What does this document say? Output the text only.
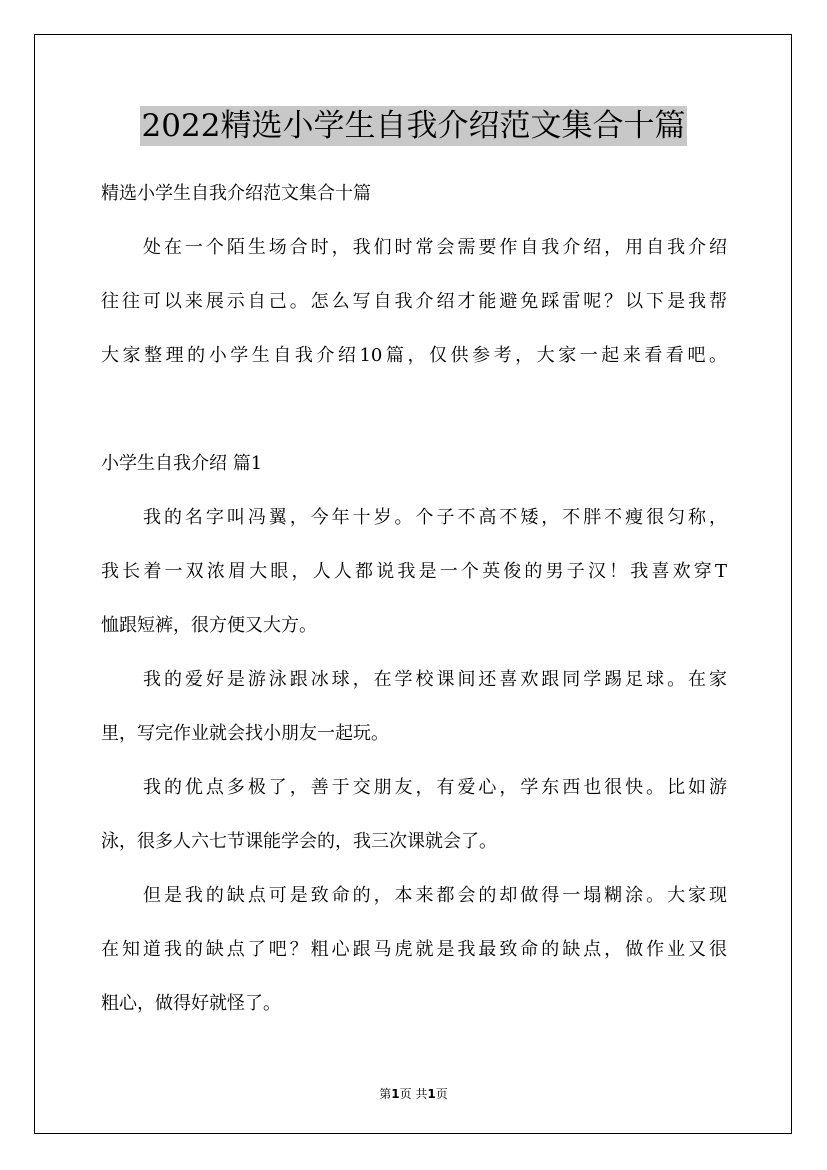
2022精选小学生自我介绍范文集合十篇
精选小学生自我介绍范文集合十篇
处在一个陌生场合时，我们时常会需要作自我介绍，用自我介绍
往往可以来展示自己。怎么写自我介绍才能避免踩雷呢？以下是我帮
大家整理的小学生自我介绍10篇，仅供参考，大家一起来看看吧。
小学生自我介绍 篇1
我的名字叫冯翼，今年十岁。个子不高不矮，不胖不瘦很匀称，
我长着一双浓眉大眼，人人都说我是一个英俊的男子汉！我喜欢穿T
恤跟短裤，很方便又大方。
我的爱好是游泳跟冰球，在学校课间还喜欢跟同学踢足球。在家
里，写完作业就会找小朋友一起玩。
我的优点多极了，善于交朋友，有爱心，学东西也很快。比如游
泳，很多人六七节课能学会的，我三次课就会了。
但是我的缺点可是致命的，本来都会的却做得一塌糊涂。大家现
在知道我的缺点了吧？粗心跟马虎就是我最致命的缺点，做作业又很
粗心，做得好就怪了。
第1页 共1页
